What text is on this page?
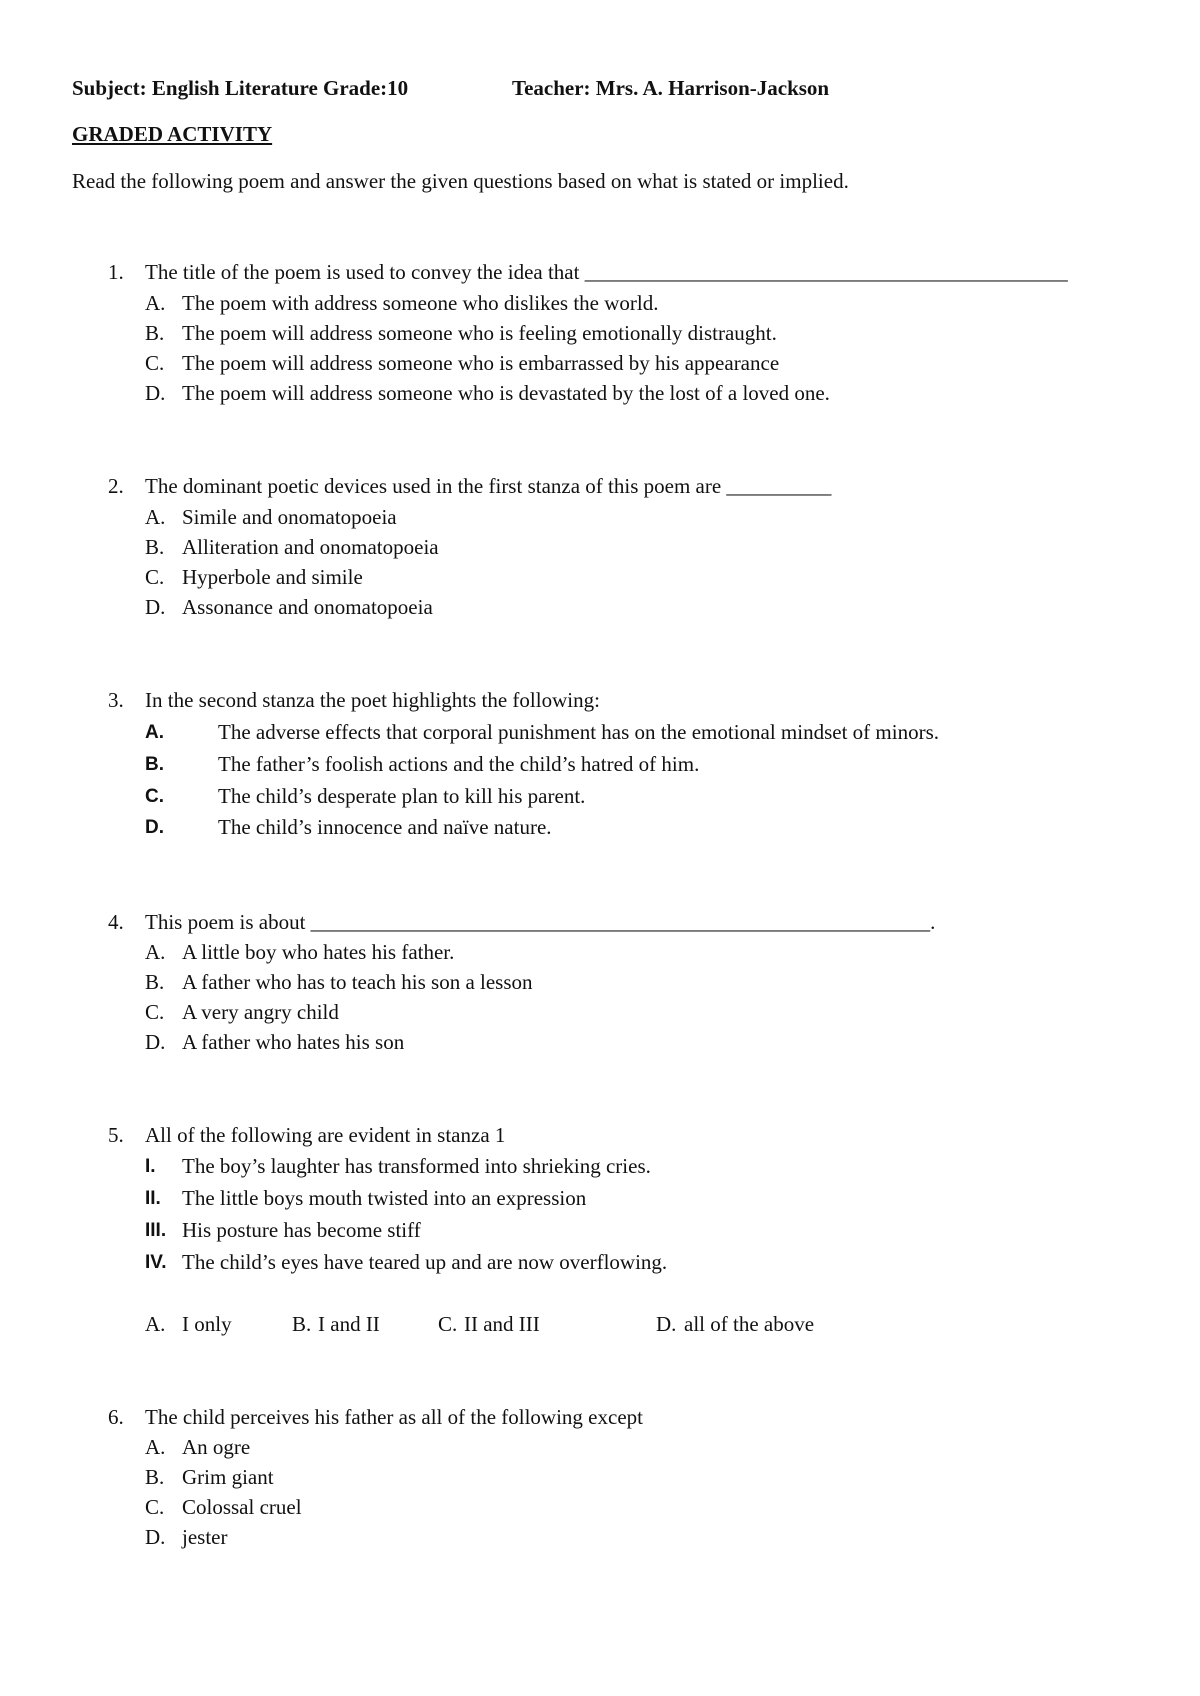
Subject: English Literature Grade:10	Teacher: Mrs. A. Harrison-Jackson
GRADED ACTIVITY
Read the following poem and answer the given questions based on what is stated or implied.
1. The title of the poem is used to convey the idea that ______________________________________________
A. The poem with address someone who dislikes the world.
B. The poem will address someone who is feeling emotionally distraught.
C. The poem will address someone who is embarrassed by his appearance
D. The poem will address someone who is devastated by the lost of a loved one.
2. The dominant poetic devices used in the first stanza of this poem are __________
A. Simile and onomatopoeia
B. Alliteration and onomatopoeia
C. Hyperbole and simile
D. Assonance and onomatopoeia
3. In the second stanza the poet highlights the following:
A.	The adverse effects that corporal punishment has on the emotional mindset of minors.
B.	The father’s foolish actions and the child’s hatred of him.
C.	The child’s desperate plan to kill his parent.
D.	The child’s innocence and naïve nature.
4. This poem is about ___________________________________________________________.
A. A little boy who hates his father.
B. A father who has to teach his son a lesson
C. A very angry child
D. A father who hates his son
5. All of the following are evident in stanza 1
I. The boy’s laughter has transformed into shrieking cries.
II. The little boys mouth twisted into an expression
III. His posture has become stiff
IV. The child’s eyes have teared up and are now overflowing.
A. I only	B. I and II	C. II and III	D. all of the above
6. The child perceives his father as all of the following except
A. An ogre
B. Grim giant
C. Colossal cruel
D. jester
